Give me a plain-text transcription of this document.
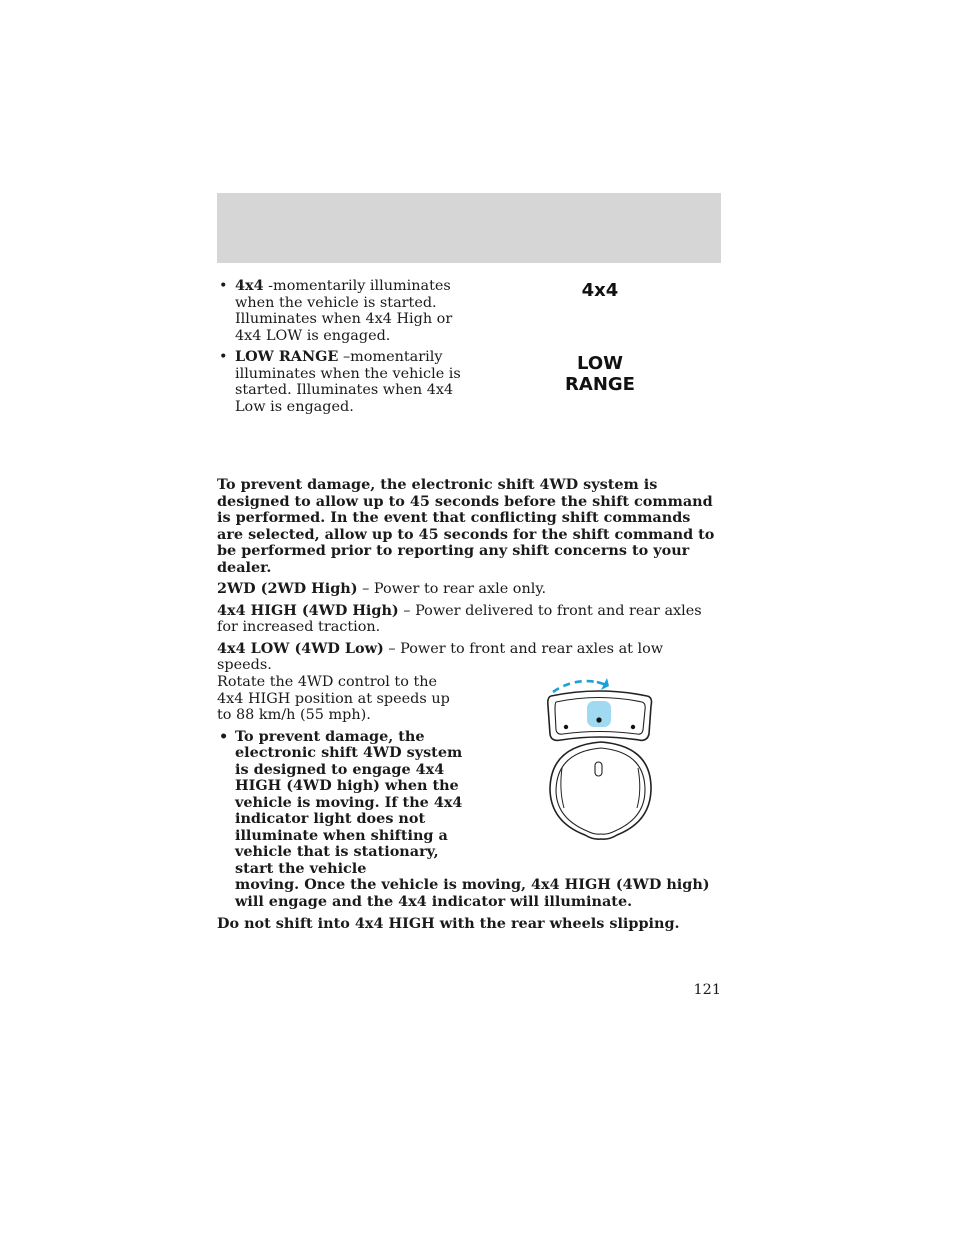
• 4x4 -momentarily illuminates when the vehicle is started. Illuminates when 4x4 High or 4x4 LOW is engaged.
• LOW RANGE –momentarily illuminates when the vehicle is started. Illuminates when 4x4 Low is engaged.
4x4
LOW
RANGE

To prevent damage, the electronic shift 4WD system is designed to allow up to 45 seconds before the shift command is performed. In the event that conflicting shift commands are selected, allow up to 45 seconds for the shift command to be performed prior to reporting any shift concerns to your dealer.

2WD (2WD High) – Power to rear axle only.

4x4 HIGH (4WD High) – Power delivered to front and rear axles for increased traction.

4x4 LOW (4WD Low) – Power to front and rear axles at low speeds.

Rotate the 4WD control to the 4x4 HIGH position at speeds up to 88 km/h (55 mph).

• To prevent damage, the electronic shift 4WD system is designed to engage 4x4 HIGH (4WD high) when the vehicle is moving. If the 4x4 indicator light does not illuminate when shifting a vehicle that is stationary, start the vehicle
moving. Once the vehicle is moving, 4x4 HIGH (4WD high) will engage and the 4x4 indicator will illuminate.

Do not shift into 4x4 HIGH with the rear wheels slipping.

121
